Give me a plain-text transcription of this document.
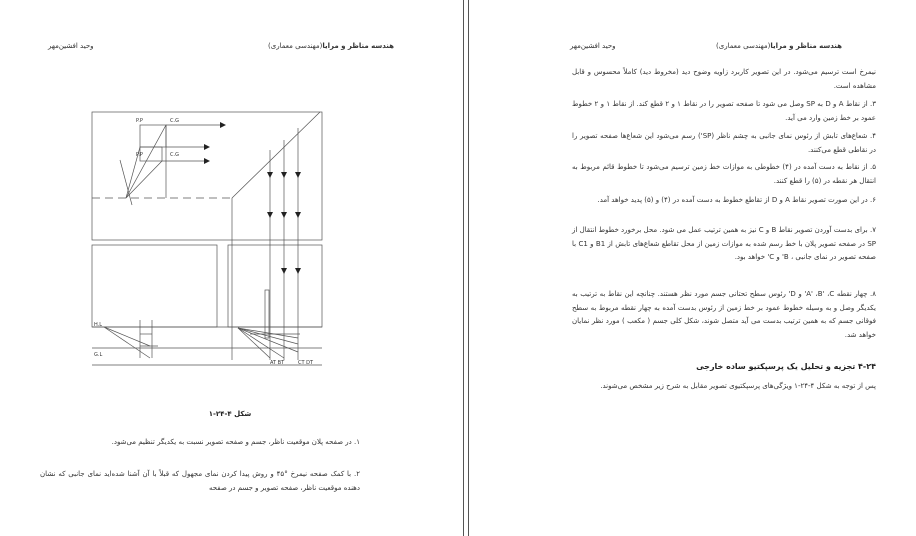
وحید افشین‌مهر	هندسه مناظر و مرایا(مهندسی معماری)
P.P	C.G
P.P	C.G
H.L
G.L
AT BT	CT DT
شکل ۴-۲۴-۱
۱. در صفحه پلان موقعیت ناظر، جسم و صفحه تصویر نسبت به یکدیگر تنظیم می‌شود.
۲. با کمک صفحه نیمرخ °۴۵ و روش پیدا کردن نمای مجهول که قبلاً با آن آشنا شده‌اید نمای جانبی که نشان دهنده موقعیت ناظر، صفحه تصویر و جسم در صفحه
وحید افشین‌مهر	هندسه مناظر و مرایا(مهندسی معماری)
نیمرخ است ترسیم می‌شود. در این تصویر کاربرد زاویه وضوح دید (مخروط دید) کاملاً محسوس و قابل مشاهده است.
۳. از نقاط A و D به SP وصل می شود تا صفحه تصویر را در نقاط ۱ و ۲ قطع کند. از نقاط ۱ و ۲ خطوط عمود بر خط زمین وارد می آید.
۴. شعاع‌های تابش از رئوس نمای جانبی به چشم ناظر (SP') رسم می‌شود این شعاع‌ها صفحه تصویر را در نقاطی قطع می‌کنند.
۵. از نقاط به دست آمده در (۴) خطوطی به موازات خط زمین ترسیم می‌شود تا خطوط قائم مربوط به انتقال هر نقطه در (۵) را قطع کنند.
۶. در این صورت تصویر نقاط A و D از تقاطع خطوط به دست آمده در (۴) و (۵) پدید خواهد آمد.
۷. برای بدست آوردن تصویر نقاط B و C نیز به همین ترتیب عمل می شود. محل برخورد خطوط انتقال از SP در صفحه تصویر پلان با خط رسم شده به موازات زمین از محل تقاطع شعاع‌های تابش از B1 و C1 با صفحه تصویر در نمای جانبی ، B' و C' خواهد بود.
۸. چهار نقطه A' ،B' ،C' و D' رئوس سطح تحتانی جسم مورد نظر هستند. چنانچه این نقاط به ترتیب به یکدیگر وصل و به وسیله خطوط عمود بر خط زمین از رئوس بدست آمده به چهار نقطه مربوط به سطح فوقانی جسم که به همین ترتیب بدست می آید متصل شوند، شکل کلی جسم ( مکعب ) مورد نظر نمایان خواهد شد.
۴-۲۴ تجزیه و تحلیل یک پرسپکتیو ساده خارجی
پس از توجه به شکل ۴-۲۴-۱ ویژگی‌های پرسپکتیوی تصویر مقابل به شرح زیر مشخص می‌شوند.
